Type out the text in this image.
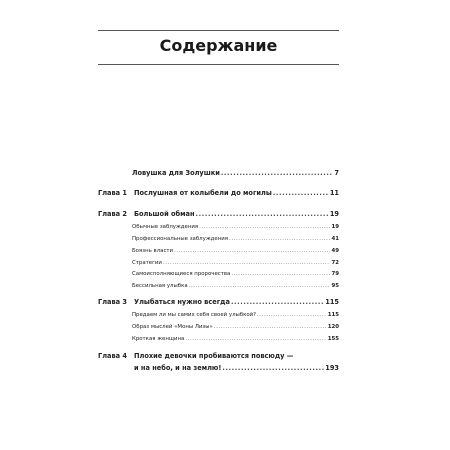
Содержание
Ловушка для Золушки .....	7
Глава 1	Послушная от колыбели до могилы .....	11
Глава 2	Большой обман .....	19
Обычные заблуждения .....	19
Профессиональные заблуждения .....	41
Боязнь власти .....	49
Стратегии .....	72
Самоисполняющиеся пророчества .....	79
Бессильная улыбка .....	95
Глава 3	Улыбаться нужно всегда .....	115
Предаем ли мы самих себя своей улыбкой? .....	115
Образ мыслей «Моны Лизы» .....	120
Кроткая женщина .....	155
Глава 4	Плохие девочки пробиваются повсюду —
и на небо, и на землю! .....	193
